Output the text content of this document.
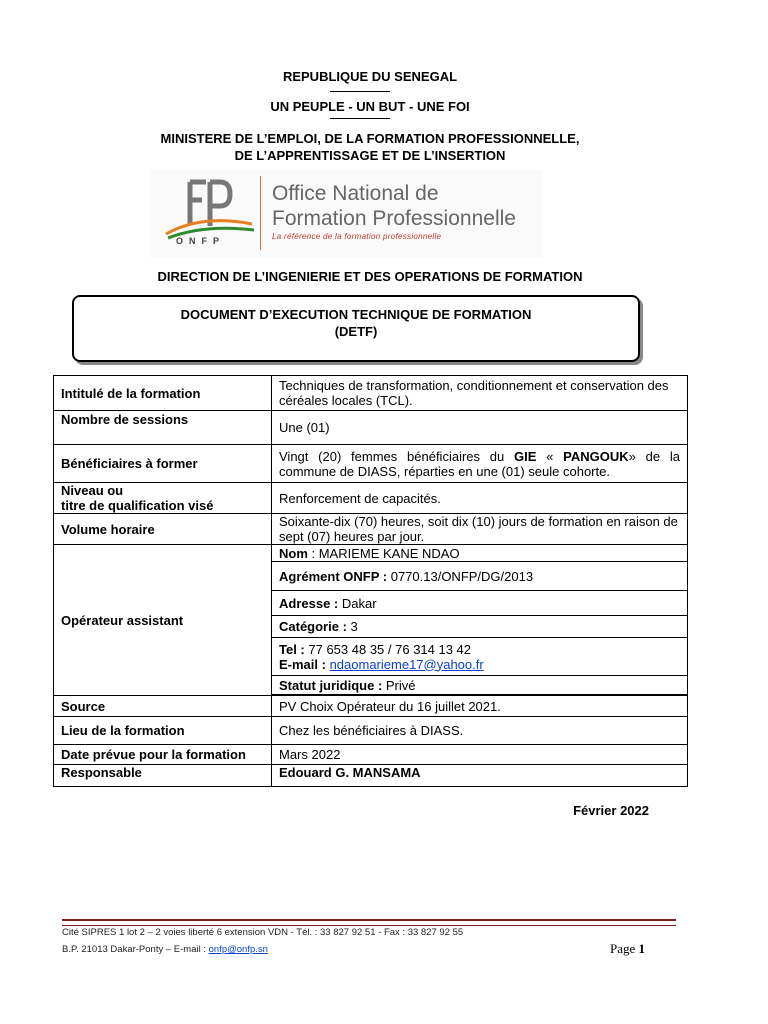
REPUBLIQUE DU SENEGAL
UN PEUPLE - UN BUT - UNE FOI
MINISTERE DE L’EMPLOI, DE LA FORMATION PROFESSIONNELLE,
DE L’APPRENTISSAGE ET DE L’INSERTION
ONFP
Office National de
Formation Professionnelle
La référence de la formation professionnelle
DIRECTION DE L’INGENIERIE ET DES OPERATIONS DE FORMATION
DOCUMENT D’EXECUTION TECHNIQUE DE FORMATION
(DETF)
Intitulé de la formation	Techniques de transformation, conditionnement et conservation des céréales locales (TCL).
Nombre de sessions	Une (01)
Bénéficiaires à former	Vingt (20) femmes bénéficiaires du GIE « PANGOUK» de la commune de DIASS, réparties en une (01) seule cohorte.

Niveau ou
titre de qualification visé	Renforcement de capacités.
Volume horaire	Soixante-dix (70) heures, soit dix (10) jours de formation en raison de sept (07) heures par jour.
Opérateur assistant	Nom : MARIEME KANE NDAO
	Agrément ONFP : 0770.13/ONFP/DG/2013
	Adresse : Dakar
	Catégorie : 3

	Tel : 77 653 48 35 / 76 314 13 42
E-mail : ndaomarieme17@yahoo.fr

	Statut juridique : Privé

Source	PV Choix Opérateur du 16 juillet 2021.
Lieu de la formation	Chez les bénéficiaires à DIASS.
Date prévue pour la formation	Mars 2022
Responsable	Edouard G. MANSAMA
Février 2022
Cité SIPRES 1 lot 2 – 2 voies liberté 6 extension VDN - Tél. : 33 827 92 51 - Fax : 33 827 92 55
B.P. 21013 Dakar-Ponty – E-mail : onfp@onfp.sn	Page 1
